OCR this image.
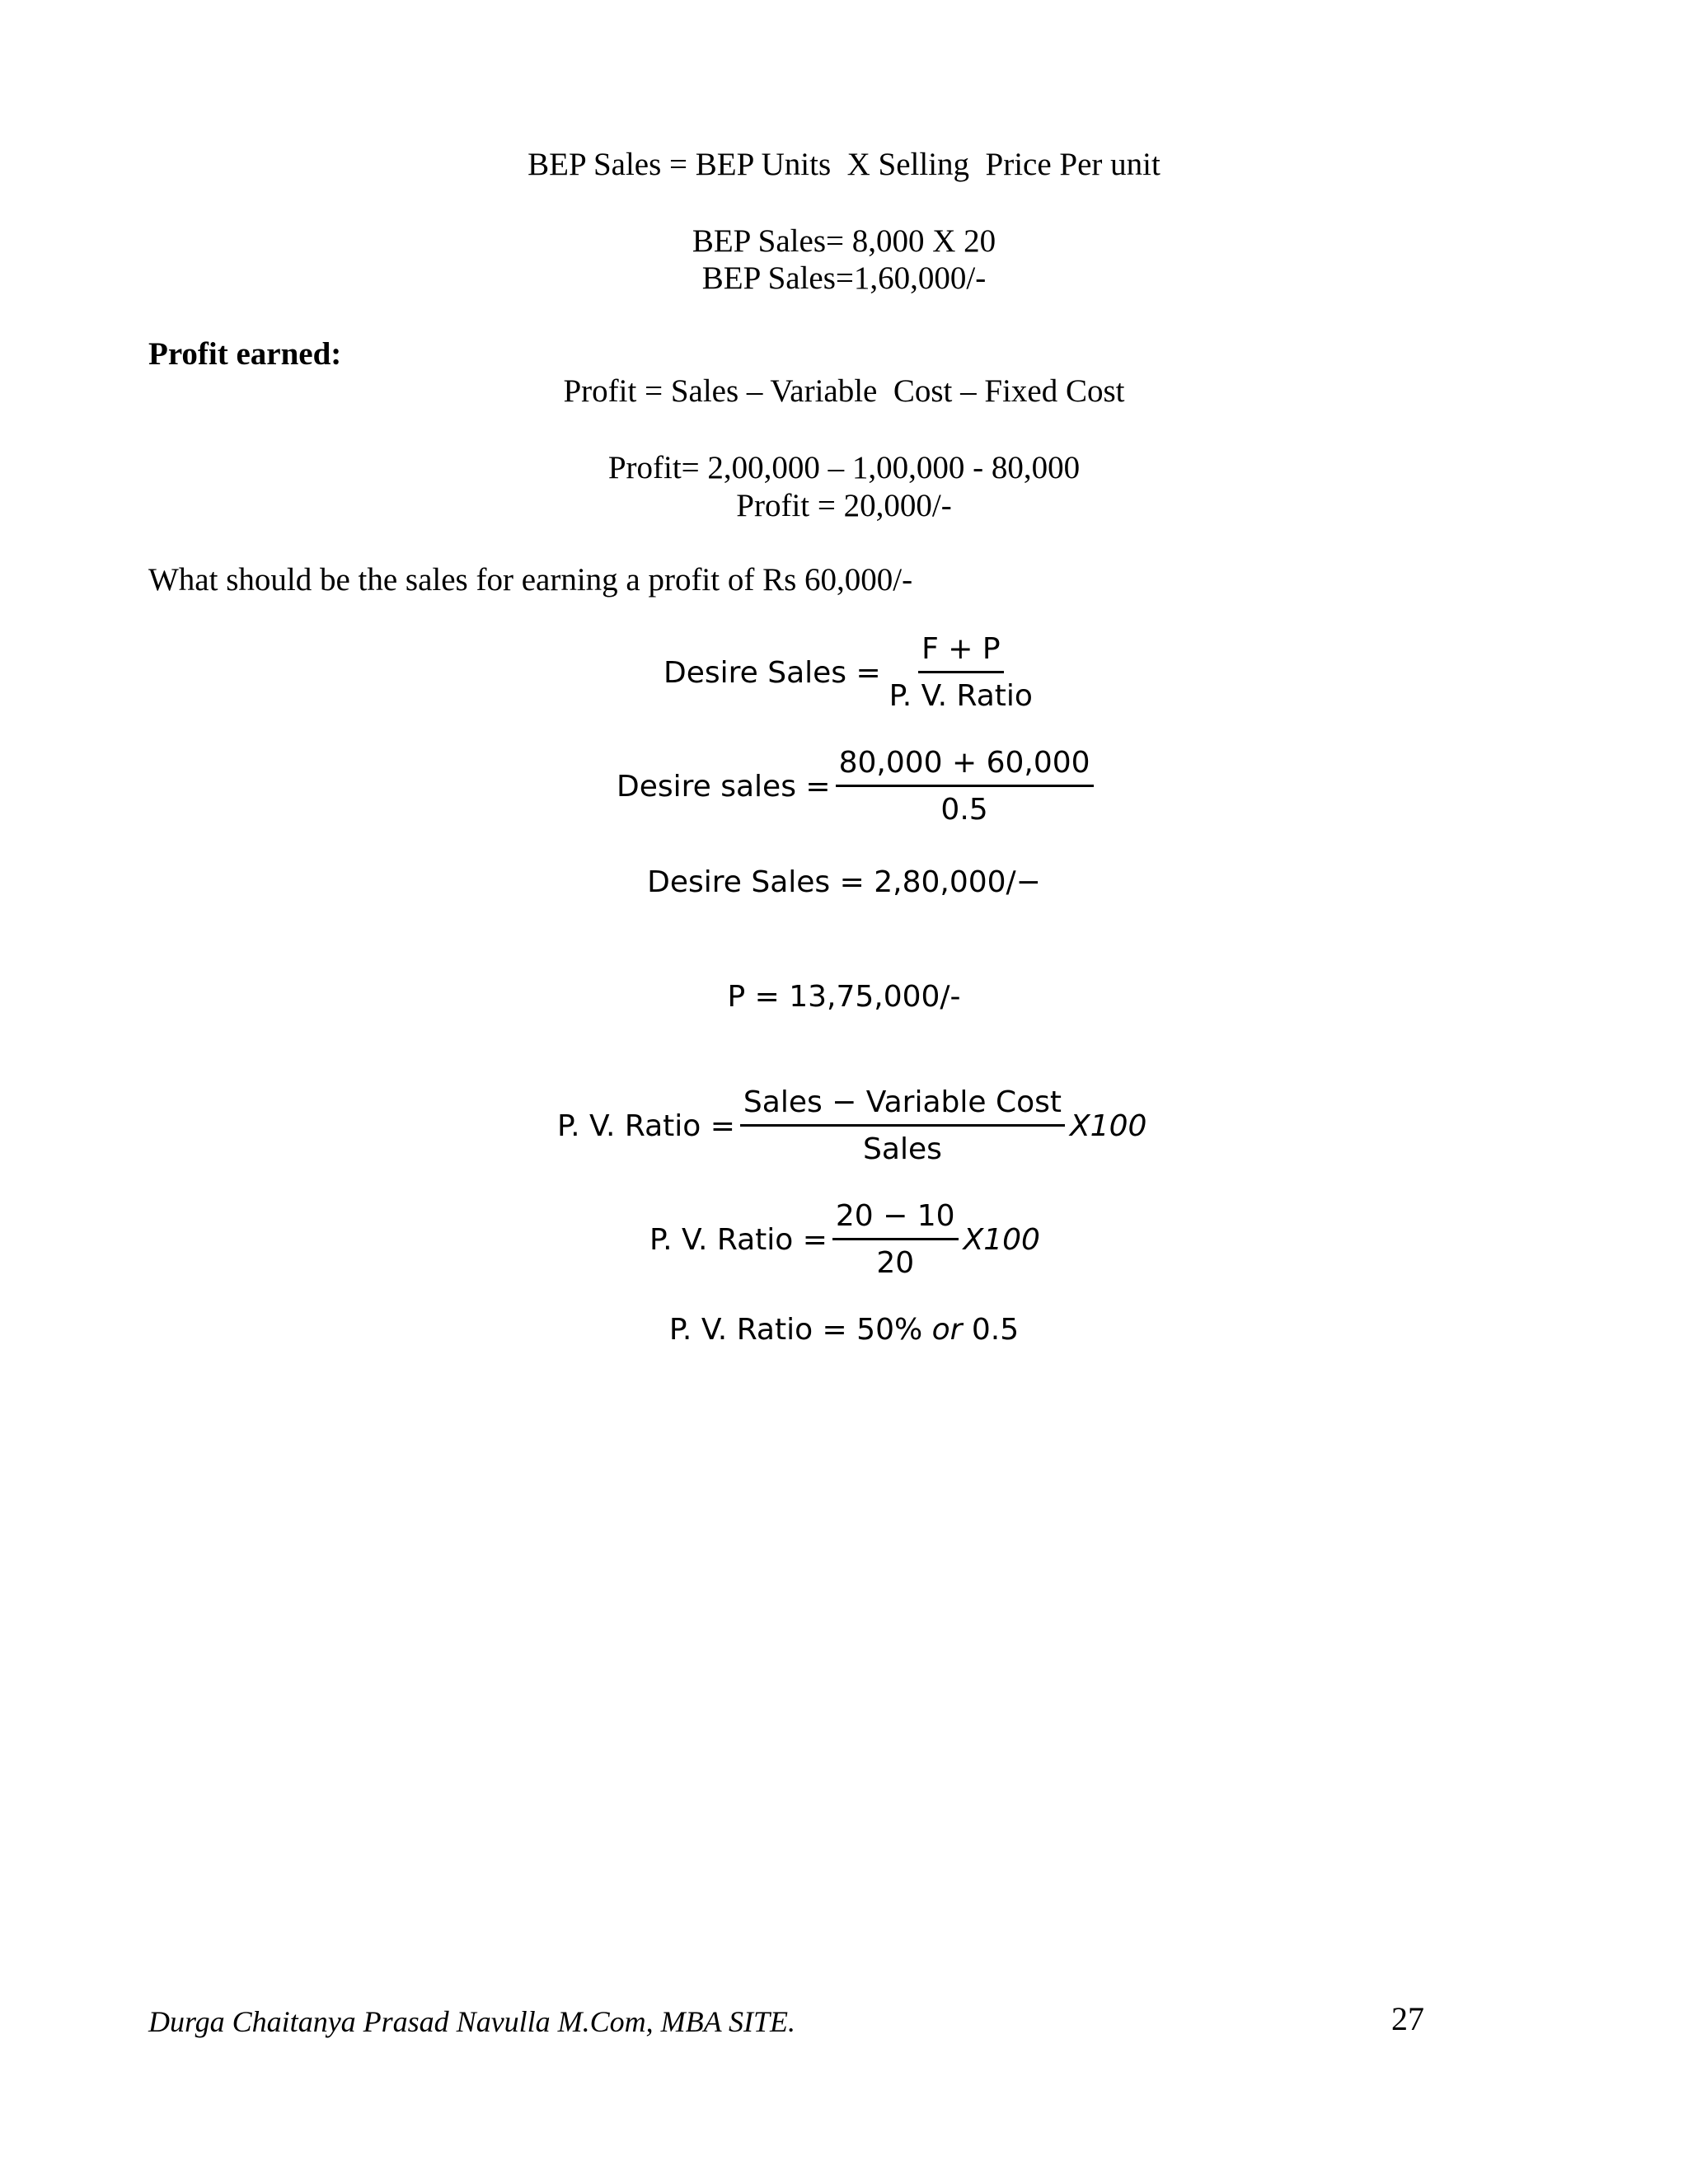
BEP Sales = BEP Units  X Selling  Price Per unit
BEP Sales= 8,000 X 20
BEP Sales=1,60,000/-
Profit earned:
Profit = Sales – Variable  Cost – Fixed Cost
Profit= 2,00,000 – 1,00,000 - 80,000
Profit = 20,000/-
What should be the sales for earning a profit of Rs 60,000/-
Desire Sales = $\frac{F + P}{\text{P. V. Ratio}}$
Desire sales = $\frac{80,000 + 60,000}{0.5}$
Desire Sales = 2,80,000/−
P = 13,75,000/-
P. V. Ratio = $\frac{\text{Sales − Variable Cost}}{\text{Sales}} X100$
P. V. Ratio = $\frac{20 - 10}{20} X100$
P. V. Ratio = 50% or 0.5
Durga Chaitanya Prasad Navulla M.Com, MBA SITE.	27
